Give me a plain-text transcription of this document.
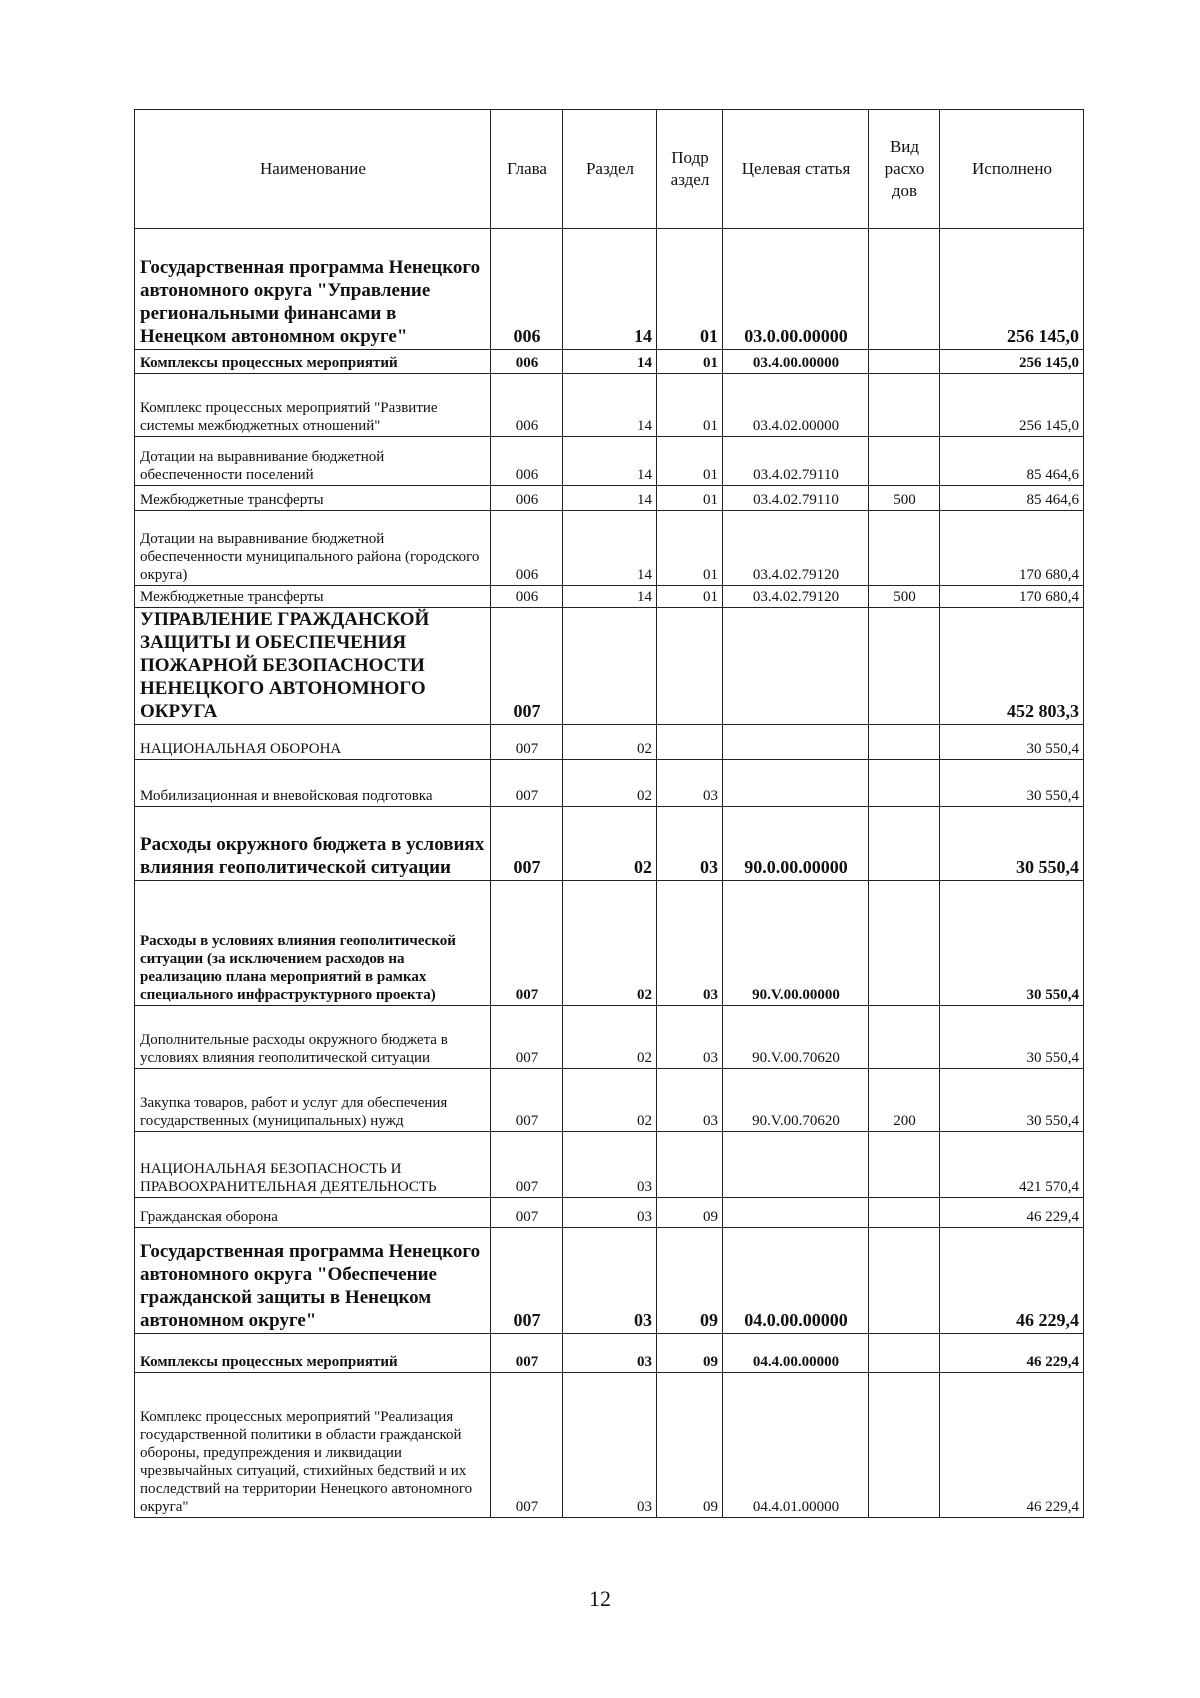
Наименование	Глава	Раздел	Подр аздел	Целевая статья	Вид расхо дов	Исполнено
Государственная программа Ненецкого автономного округа "Управление региональными финансами в Ненецком автономном округе"	006	14	01	03.0.00.00000		256 145,0
Комплексы процессных мероприятий	006	14	01	03.4.00.00000		256 145,0
Комплекс процессных мероприятий "Развитие системы межбюджетных отношений"	006	14	01	03.4.02.00000		256 145,0
Дотации на выравнивание бюджетной обеспеченности поселений	006	14	01	03.4.02.79110		85 464,6
Межбюджетные трансферты	006	14	01	03.4.02.79110	500	85 464,6
Дотации на выравнивание бюджетной обеспеченности муниципального района (городского округа)	006	14	01	03.4.02.79120		170 680,4
Межбюджетные трансферты	006	14	01	03.4.02.79120	500	170 680,4
УПРАВЛЕНИЕ ГРАЖДАНСКОЙ ЗАЩИТЫ И ОБЕСПЕЧЕНИЯ ПОЖАРНОЙ БЕЗОПАСНОСТИ НЕНЕЦКОГО АВТОНОМНОГО ОКРУГА	007					452 803,3
НАЦИОНАЛЬНАЯ ОБОРОНА	007	02				30 550,4
Мобилизационная и вневойсковая подготовка	007	02	03			30 550,4
Расходы окружного бюджета в условиях влияния геополитической ситуации	007	02	03	90.0.00.00000		30 550,4
Расходы в условиях влияния геополитической ситуации (за исключением расходов на реализацию плана мероприятий в рамках специального инфраструктурного проекта)	007	02	03	90.V.00.00000		30 550,4
Дополнительные расходы окружного бюджета в условиях влияния геополитической ситуации	007	02	03	90.V.00.70620		30 550,4
Закупка товаров, работ и услуг для обеспечения государственных (муниципальных) нужд	007	02	03	90.V.00.70620	200	30 550,4
НАЦИОНАЛЬНАЯ БЕЗОПАСНОСТЬ И ПРАВООХРАНИТЕЛЬНАЯ ДЕЯТЕЛЬНОСТЬ	007	03				421 570,4
Гражданская оборона	007	03	09			46 229,4
Государственная программа Ненецкого автономного округа "Обеспечение гражданской защиты в Ненецком автономном округе"	007	03	09	04.0.00.00000		46 229,4
Комплексы процессных мероприятий	007	03	09	04.4.00.00000		46 229,4
Комплекс процессных мероприятий "Реализация государственной политики в области гражданской обороны, предупреждения и ликвидации чрезвычайных ситуаций, стихийных бедствий и их последствий на территории Ненецкого автономного округа"	007	03	09	04.4.01.00000		46 229,4
12
